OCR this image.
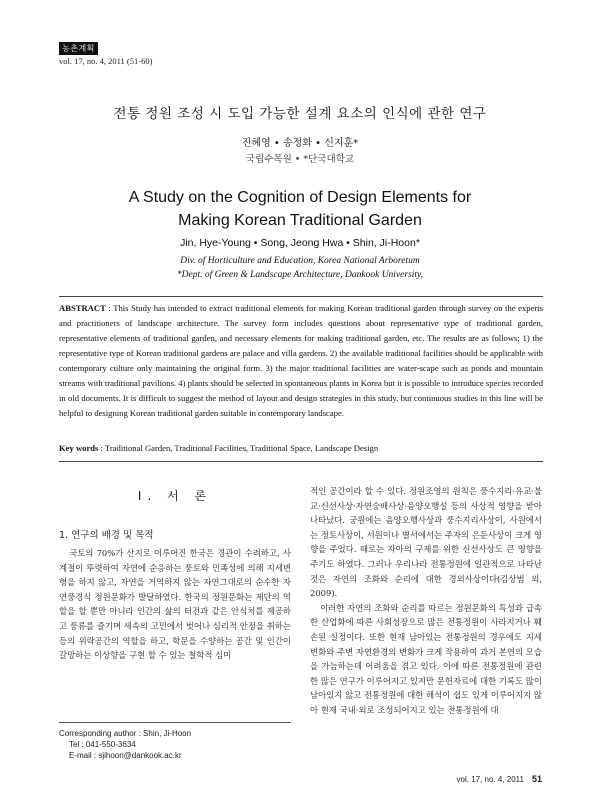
농촌계획
vol. 17, no. 4, 2011 (51-60)
전통 정원 조성 시 도입 가능한 설계 요소의 인식에 관한 연구
진혜영 • 송정화 • 신지훈*
국립수목원 • *단국대학교
A Study on the Cognition of Design Elements for
Making Korean Traditional Garden
Jin, Hye-Young • Song, Jeong Hwa • Shin, Ji-Hoon*
Div. of Horticulture and Education, Korea National Arboretum
*Dept. of Green & Landscape Architecture, Dankook University,
ABSTRACT : This Study has intended to extract traditional elements for making Korean traditional garden through survey on the experts and practitioners of landscape architecture. The survey form includes questions about representative type of traditional garden, representative elements of traditional garden, and necessary elements for making traditional garden, etc. The results are as follows; 1) the representative type of Korean traditional gardens are palace and villa gardens. 2) the available traditional facilities should be applicable with contemporary culture only maintaining the original form. 3) the major traditional facilities are water-scape such as ponds and mountain streams with traditional pavilions. 4) plants should be selected in spontaneous plants in Korea but it is possible to introduce species recorded in old documents. It is difficult to suggest the method of layout and design strategies in this study, but continuous studies in this line will be helpful to designing Korean traditional garden suitable in contemporary landscape.
Key words : Traditional Garden, Traditional Facilities, Traditional Space, Landscape Design
I. 서 론
1. 연구의 배경 및 목적

국토의 70%가 산지로 이루어진 한국은 경관이 수려하고, 사계절이 뚜렷하여 자연에 순응하는 풍토와 민족성에 의해 지세변형을 하지 않고, 자연을 거역하지 않는 자연그대로의 순수한 자연풍경식 정원문화가 발달하였다. 한국의 정원문화는 제단의 역할을 할 뿐만 아니라 인간의 삶의 터전과 같은 안식처를 제공하고 풍류를 즐기며 세속의 고민에서 벗어나 심리적 안정을 취하는 등의 위락공간의 역할을 하고, 학문을 수양하는 공간 및 인간이 갈망하는 이상향을 구현 할 수 있는 철학적 심미

적인 공간이라 할 수 있다. 정원조영의 원칙은 풍수지리·유교·불교·신선사상·자연숭배사상·음양오행설 등의 사상적 영향을 받아 나타났다. 궁원에는 음양오행사상과 풍수지리사상이, 사원에서는 정토사상이, 서원이나 별서에서는 주자의 은둔사상이 크게 영향을 주었다. 때로는 자아의 구제를 위한 신선사상도 큰 영향을 주기도 하였다. 그러나 우리나라 전통정원에 일관적으로 나타난 것은 자연의 조화와 순리에 대한 경외사상이다(김상범 외, 2009).

이러한 자연의 조화와 순리를 따르는 정원문화의 특성과 급속한 산업화에 따른 사회성장으로 많은 전통정원이 사라지거나 훼손된 실정이다. 또한 현재 남아있는 전통정원의 경우에도 지세 변화와 주변 자연환경의 변화가 크게 작용하여 과거 본연의 모습을 가늠하는데 어려움을 겪고 있다. 이에 따른 전통정원에 관련한 많은 연구가 이루어지고 있지만 문헌자료에 대한 기록도 많이 남아있지 않고 전통정원에 대한 해석이 쉽도 있게 이루어지지 않아 현재 국내·외로 조성되어지고 있는 전통정원에 대

Corresponding author : Shin, Ji-Hoon
Tel : 041-550-3634
E-mail : sjihoon@dankook.ac.kr
vol. 17, no. 4, 2011 51
